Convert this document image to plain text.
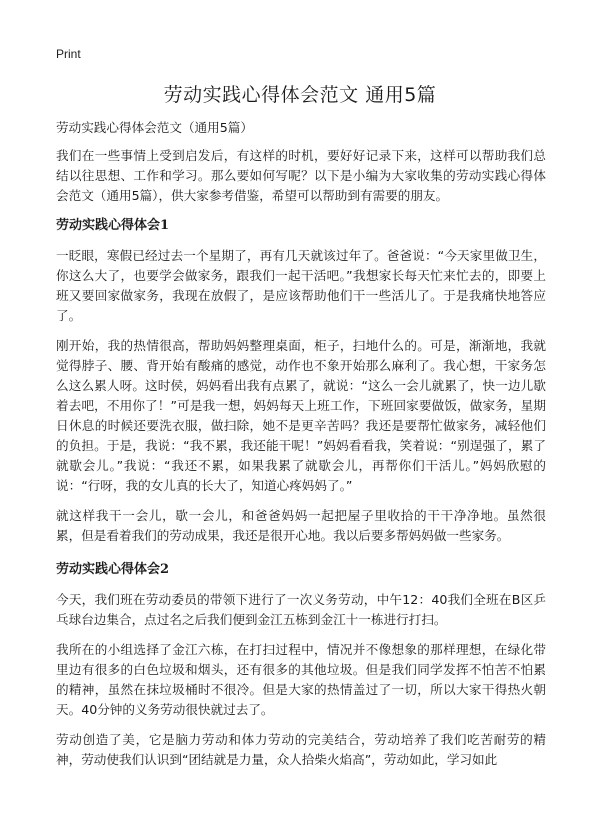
Print
劳动实践心得体会范文 通用5篇

劳动实践心得体会范文（通用5篇）

我们在一些事情上受到启发后，有这样的时机，要好好记录下来，这样可以帮助我们总结以往思想、工作和学习。那么要如何写呢？以下是小编为大家收集的劳动实践心得体会范文（通用5篇），供大家参考借鉴，希望可以帮助到有需要的朋友。

劳动实践心得体会1

一眨眼，寒假已经过去一个星期了，再有几天就该过年了。爸爸说：“今天家里做卫生，你这么大了，也要学会做家务，跟我们一起干活吧。”我想家长每天忙来忙去的，即要上班又要回家做家务，我现在放假了，是应该帮助他们干一些活儿了。于是我痛快地答应了。

刚开始，我的热情很高，帮助妈妈整理桌面，柜子，扫地什么的。可是，渐渐地，我就觉得脖子、腰、背开始有酸痛的感觉，动作也不象开始那么麻利了。我心想，干家务怎么这么累人呀。这时侯，妈妈看出我有点累了，就说：“这么一会儿就累了，快一边儿歇着去吧，不用你了！”可是我一想，妈妈每天上班工作，下班回家要做饭，做家务，星期日休息的时候还要洗衣服，做扫除，她不是更辛苦吗？我还是要帮忙做家务，减轻他们的负担。于是，我说：“我不累，我还能干呢！”妈妈看看我，笑着说：“别逞强了，累了就歇会儿。”我说：“我还不累，如果我累了就歇会儿，再帮你们干活儿。”妈妈欣慰的说：“行呀，我的女儿真的长大了，知道心疼妈妈了。”

就这样我干一会儿，歇一会儿，和爸爸妈妈一起把屋子里收拾的干干净净地。虽然很累，但是看着我们的劳动成果，我还是很开心地。我以后要多帮妈妈做一些家务。

劳动实践心得体会2

今天，我们班在劳动委员的带领下进行了一次义务劳动，中午12：40我们全班在B区乒乓球台边集合，点过名之后我们便到金江五栋到金江十一栋进行打扫。

我所在的小组选择了金江六栋，在打扫过程中，情况并不像想象的那样理想，在绿化带里边有很多的白色垃圾和烟头，还有很多的其他垃圾。但是我们同学发挥不怕苦不怕累的精神，虽然在抹垃圾桶时不很冷。但是大家的热情盖过了一切，所以大家干得热火朝天。40分钟的义务劳动很快就过去了。

劳动创造了美，它是脑力劳动和体力劳动的完美结合，劳动培养了我们吃苦耐劳的精神，劳动使我们认识到“团结就是力量，众人拾柴火焰高”，劳动如此，学习如此
